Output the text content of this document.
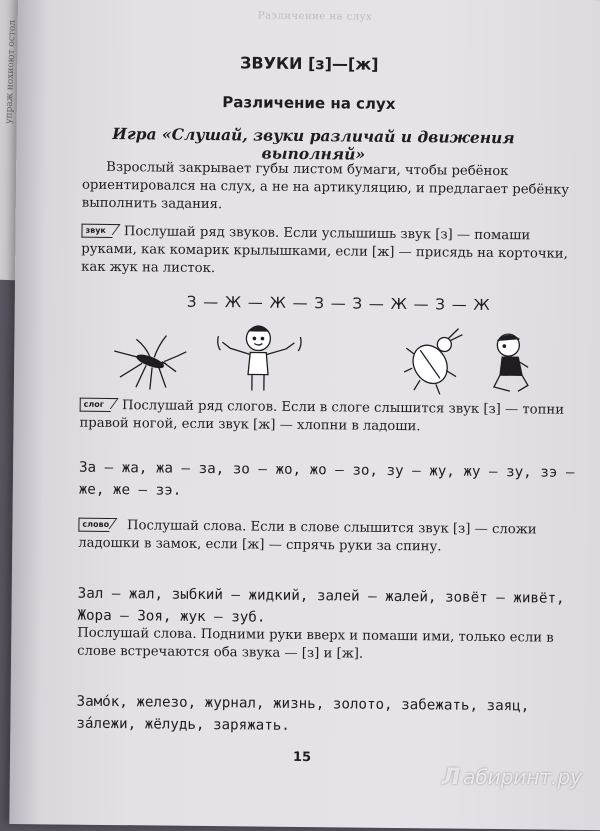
упраж нохиоют остол
Различение на слух
ЗВУКИ [з]—[ж]
Различение на слух
Игра «Слушай, звуки различай и движения выполняй»
Взрослый закрывает губы листом бумаги, чтобы ребёнок ориентировался на слух, а не на артикуляцию, и предлагает ребёнку выполнить задания.
звук Послушай ряд звуков. Если услышишь звук [з] — помаши руками, как комарик крылышками, если [ж] — присядь на корточки, как жук на листок.
З — Ж — Ж — З — З — Ж — З — Ж
слог Послушай ряд слогов. Если в слоге слышится звук [з] — топни правой ногой, если звук [ж] — хлопни в ладоши.
За — жа, жа — за, зо — жо, жо — зо, зу — жу, жу — зу, зэ — же, же — зэ.
слово Послушай слова. Если в слове слышится звук [з] — сложи ладошки в замок, если [ж] — спрячь руки за спину.
Зал — жал, зыбкий — жидкий, залей — жалей, зовёт — живёт, Жора — Зоя, жук — зуб.
Послушай слова. Подними руки вверх и помаши ими, только если в слове встречаются оба звука — [з] и [ж].
Замо́к, железо, журнал, жизнь, золото, забежать, заяц, за́лежи, жёлудь, заряжать.
15
Л абиринт.ру
